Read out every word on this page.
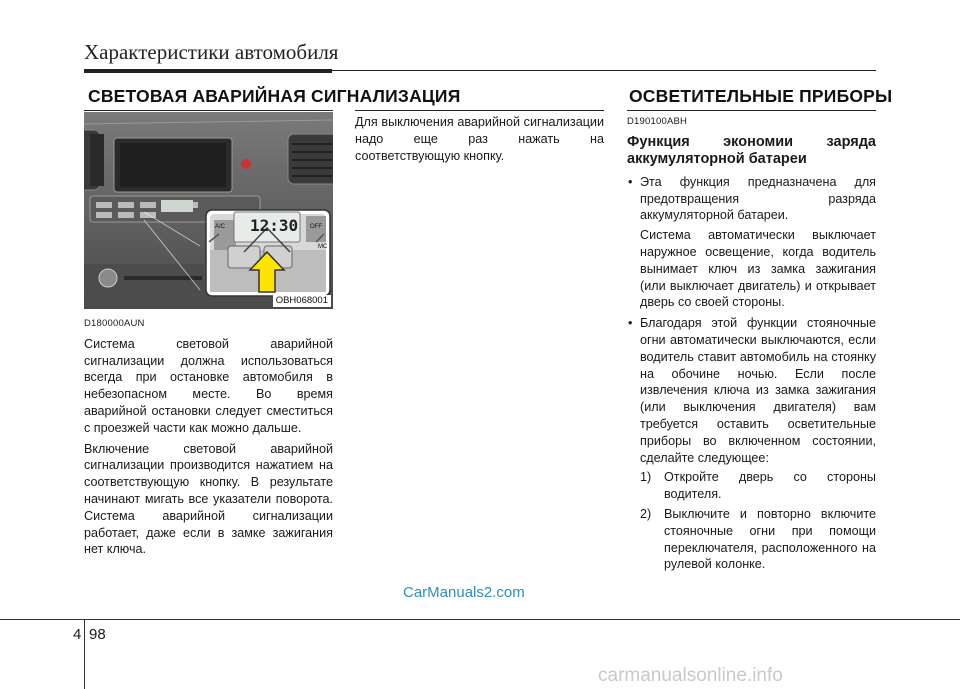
Характеристики автомобиля
СВЕТОВАЯ АВАРИЙНАЯ СИГНАЛИЗАЦИЯ	ОСВЕТИТЕЛЬНЫЕ ПРИБОРЫ
12:30
A/C	OFF
MC
OBH068001

D180000AUN

Система световой аварийной сигнализации должна использоваться всегда при остановке автомобиля в небезопасном месте. Во время аварийной остановки следует сместиться с проезжей части как можно дальше.

Включение световой аварийной сигнализации производится нажатием на соответствующую кнопку. В результате начинают мигать все указатели поворота. Система аварийной сигнализации работает, даже если в замке зажигания нет ключа.

Для выключения аварийной сигнализации надо еще раз нажать на соответствующую кнопку.

D190100ABH

Функция экономии заряда аккумуляторной батареи

• Эта функция предназначена для предотвращения разряда аккумуляторной батареи.

Система автоматически выключает наружное освещение, когда водитель вынимает ключ из замка зажигания (или выключает двигатель) и открывает дверь со своей стороны.

• Благодаря этой функции стояночные огни автоматически выключаются, если водитель ставит автомобиль на стоянку на обочине ночью. Если после извлечения ключа из замка зажигания (или выключения двигателя) вам требуется оставить осветительные приборы во включенном состоянии, сделайте следующее:
1) Откройте дверь со стороны водителя.
2) Выключите и повторно включите стояночные огни при помощи переключателя, расположенного на рулевой колонке.
CarManuals2.com
4 98
carmanualsonline.info
